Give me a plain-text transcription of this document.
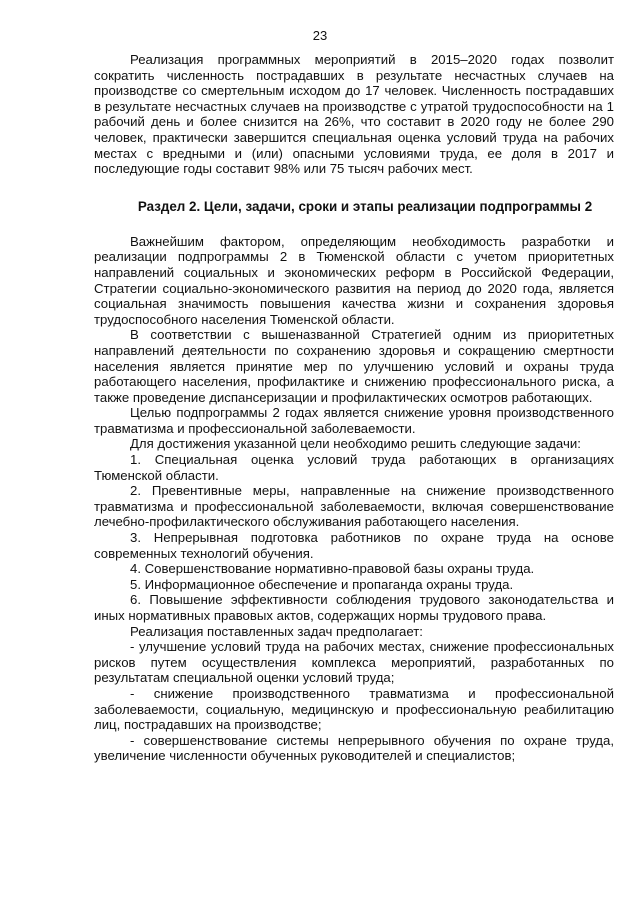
23

Реализация программных мероприятий в 2015–2020 годах позволит сократить численность пострадавших в результате несчастных случаев на производстве со смертельным исходом до 17 человек. Численность пострадавших в результате несчастных случаев на производстве с утратой трудоспособности на 1 рабочий день и более снизится на 26%, что составит в 2020 году не более 290 человек, практически завершится специальная оценка условий труда на рабочих местах с вредными и (или) опасными условиями труда, ее доля в 2017 и последующие годы составит 98% или 75 тысяч рабочих мест.

Раздел 2. Цели, задачи, сроки и этапы реализации подпрограммы 2

Важнейшим фактором, определяющим необходимость разработки и реализации подпрограммы 2 в Тюменской области с учетом приоритетных направлений социальных и экономических реформ в Российской Федерации, Стратегии социально-экономического развития на период до 2020 года, является социальная значимость повышения качества жизни и сохранения здоровья трудоспособного населения Тюменской области.

В соответствии с вышеназванной Стратегией одним из приоритетных направлений деятельности по сохранению здоровья и сокращению смертности населения является принятие мер по улучшению условий и охраны труда работающего населения, профилактике и снижению профессионального риска, а также проведение диспансеризации и профилактических осмотров работающих.

Целью подпрограммы 2 годах является снижение уровня производственного травматизма и профессиональной заболеваемости.

Для достижения указанной цели необходимо решить следующие задачи:

1. Специальная оценка условий труда работающих в организациях Тюменской области.

2. Превентивные меры, направленные на снижение производственного травматизма и профессиональной заболеваемости, включая совершенствование лечебно-профилактического обслуживания работающего населения.

3. Непрерывная подготовка работников по охране труда на основе современных технологий обучения.

4. Совершенствование нормативно-правовой базы охраны труда.

5. Информационное обеспечение и пропаганда охраны труда.

6. Повышение эффективности соблюдения трудового законодательства и иных нормативных правовых актов, содержащих нормы трудового права.

Реализация поставленных задач предполагает:

- улучшение условий труда на рабочих местах, снижение профессиональных рисков путем осуществления комплекса мероприятий, разработанных по результатам специальной оценки условий труда;

- снижение производственного травматизма и профессиональной заболеваемости, социальную, медицинскую и профессиональную реабилитацию лиц, пострадавших на производстве;

- совершенствование системы непрерывного обучения по охране труда, увеличение численности обученных руководителей и специалистов;
